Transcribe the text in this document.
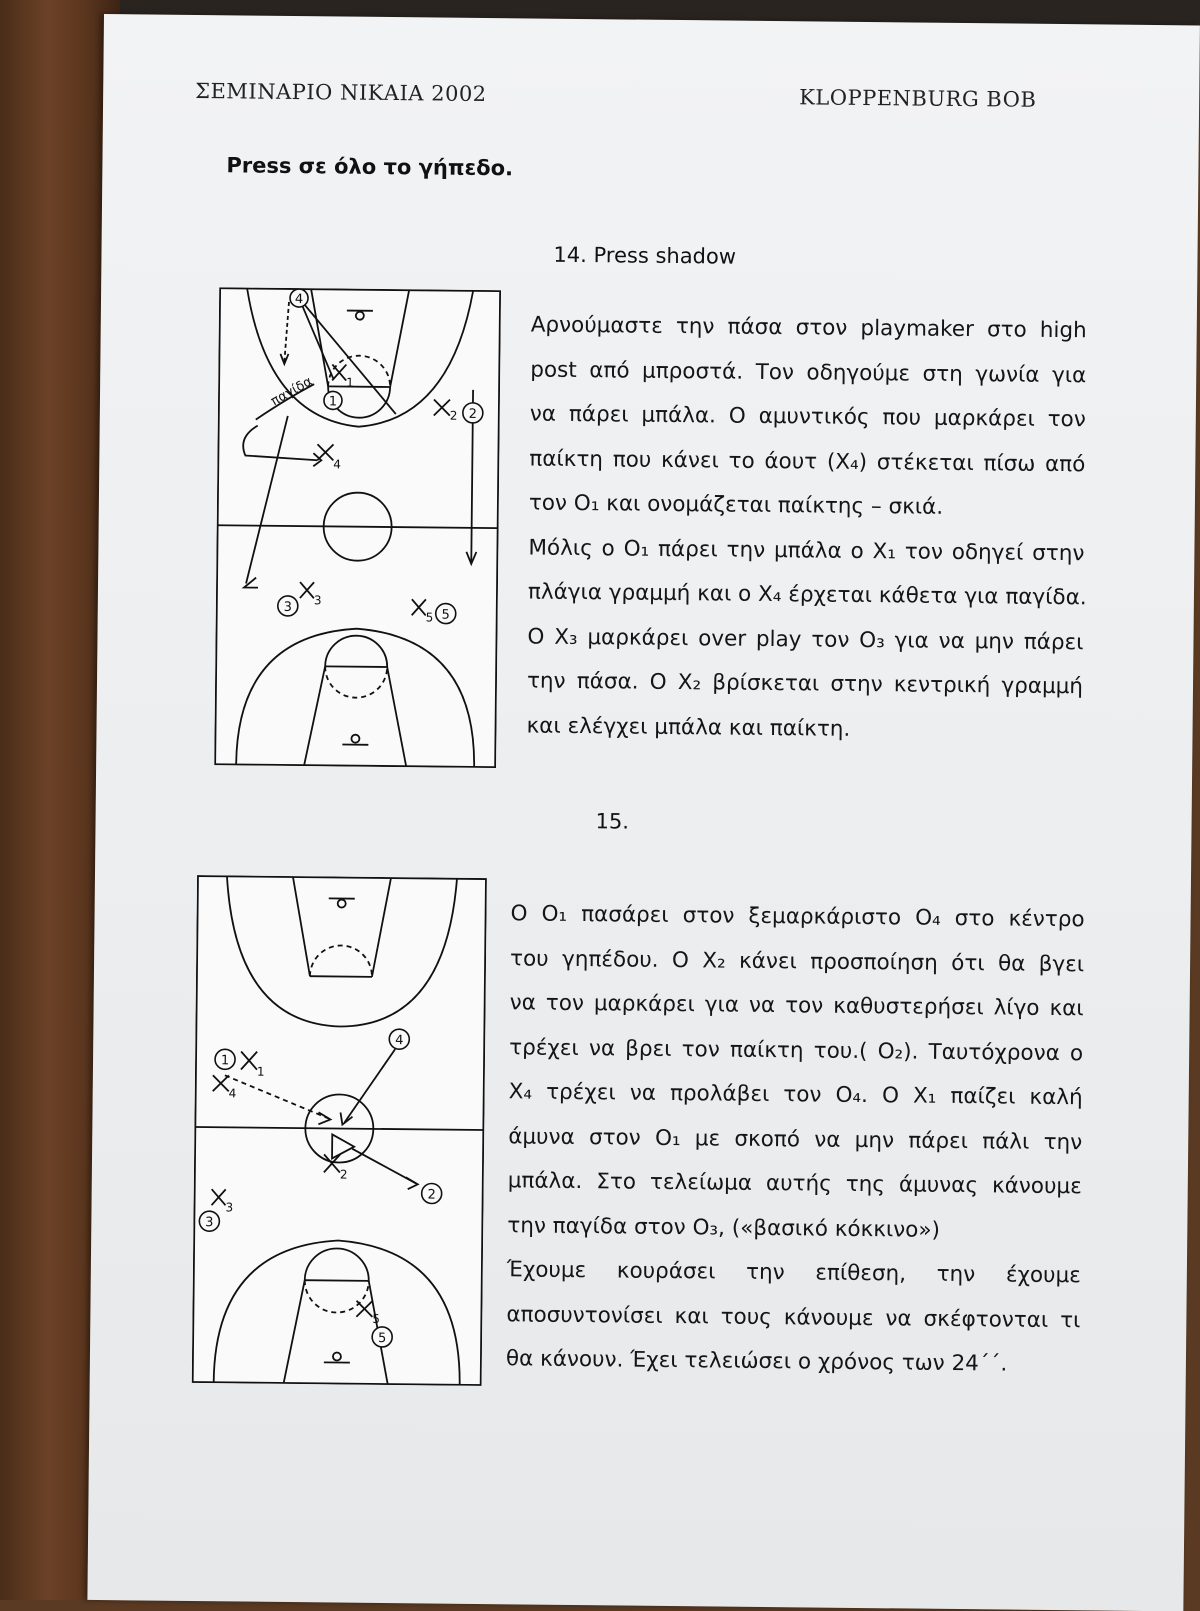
ΣΕΜΙΝΑΡΙΟ ΝΙΚΑΙΑ 2002	KLOPPENBURG BOB
Press σε όλο το γήπεδο.
14. Press shadow
παγίδα
4
1
2
3
5
1
2
3
4
5
Αρνούμαστε την πάσα στον playmaker στο high
post από μπροστά. Τον οδηγούμε στη γωνία για
να πάρει μπάλα. Ο αμυντικός που μαρκάρει τον
παίκτη που κάνει το άουτ (X₄) στέκεται πίσω από
τον O₁ και ονομάζεται παίκτης – σκιά.
Μόλις ο O₁ πάρει την μπάλα ο X₁ τον οδηγεί στην
πλάγια γραμμή και ο X₄ έρχεται κάθετα για παγίδα.
Ο X₃ μαρκάρει over play τον O₃ για να μην πάρει
την πάσα. Ο X₂ βρίσκεται στην κεντρική γραμμή
και ελέγχει μπάλα και παίκτη.
15.
1
2
3
4
5
1
2
3
4
5
Ο O₁ πασάρει στον ξεμαρκάριστο O₄ στο κέντρο
του γηπέδου. Ο X₂ κάνει προσποίηση ότι θα βγει
να τον μαρκάρει για να τον καθυστερήσει λίγο και
τρέχει να βρει τον παίκτη του.( O₂). Ταυτόχρονα ο
X₄ τρέχει να προλάβει τον O₄. Ο X₁ παίζει καλή
άμυνα στον O₁ με σκοπό να μην πάρει πάλι την
μπάλα. Στο τελείωμα αυτής της άμυνας κάνουμε
την παγίδα στον O₃, («βασικό κόκκινο»)
Έχουμε κουράσει την επίθεση, την έχουμε
αποσυντονίσει και τους κάνουμε να σκέφτονται τι
θα κάνουν. Έχει τελειώσει ο χρόνος των 24΄΄.
